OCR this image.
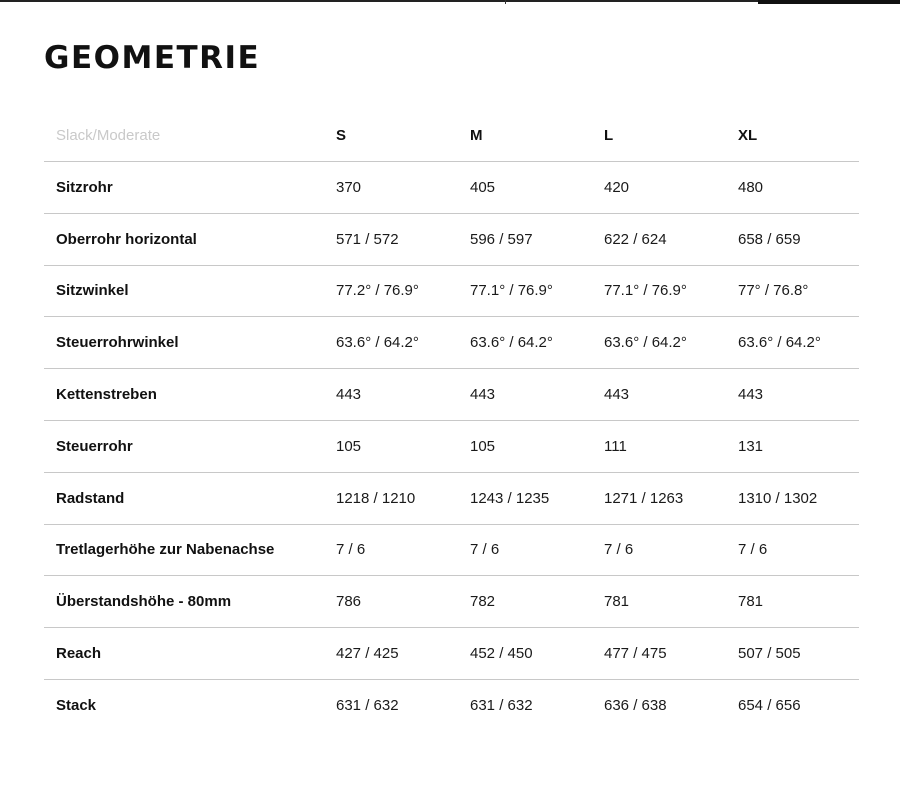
GEOMETRIE
Slack/Moderate	S	M	L	XL
Sitzrohr	370	405	420	480
Oberrohr horizontal	571 / 572	596 / 597	622 / 624	658 / 659
Sitzwinkel	77.2° / 76.9°	77.1° / 76.9°	77.1° / 76.9°	77° / 76.8°
Steuerrohrwinkel	63.6° / 64.2°	63.6° / 64.2°	63.6° / 64.2°	63.6° / 64.2°
Kettenstreben	443	443	443	443
Steuerrohr	105	105	111	131
Radstand	1218 / 1210	1243 / 1235	1271 / 1263	1310 / 1302
Tretlagerhöhe zur Nabenachse	7 / 6	7 / 6	7 / 6	7 / 6
Überstandshöhe - 80mm	786	782	781	781
Reach	427 / 425	452 / 450	477 / 475	507 / 505
Stack	631 / 632	631 / 632	636 / 638	654 / 656
